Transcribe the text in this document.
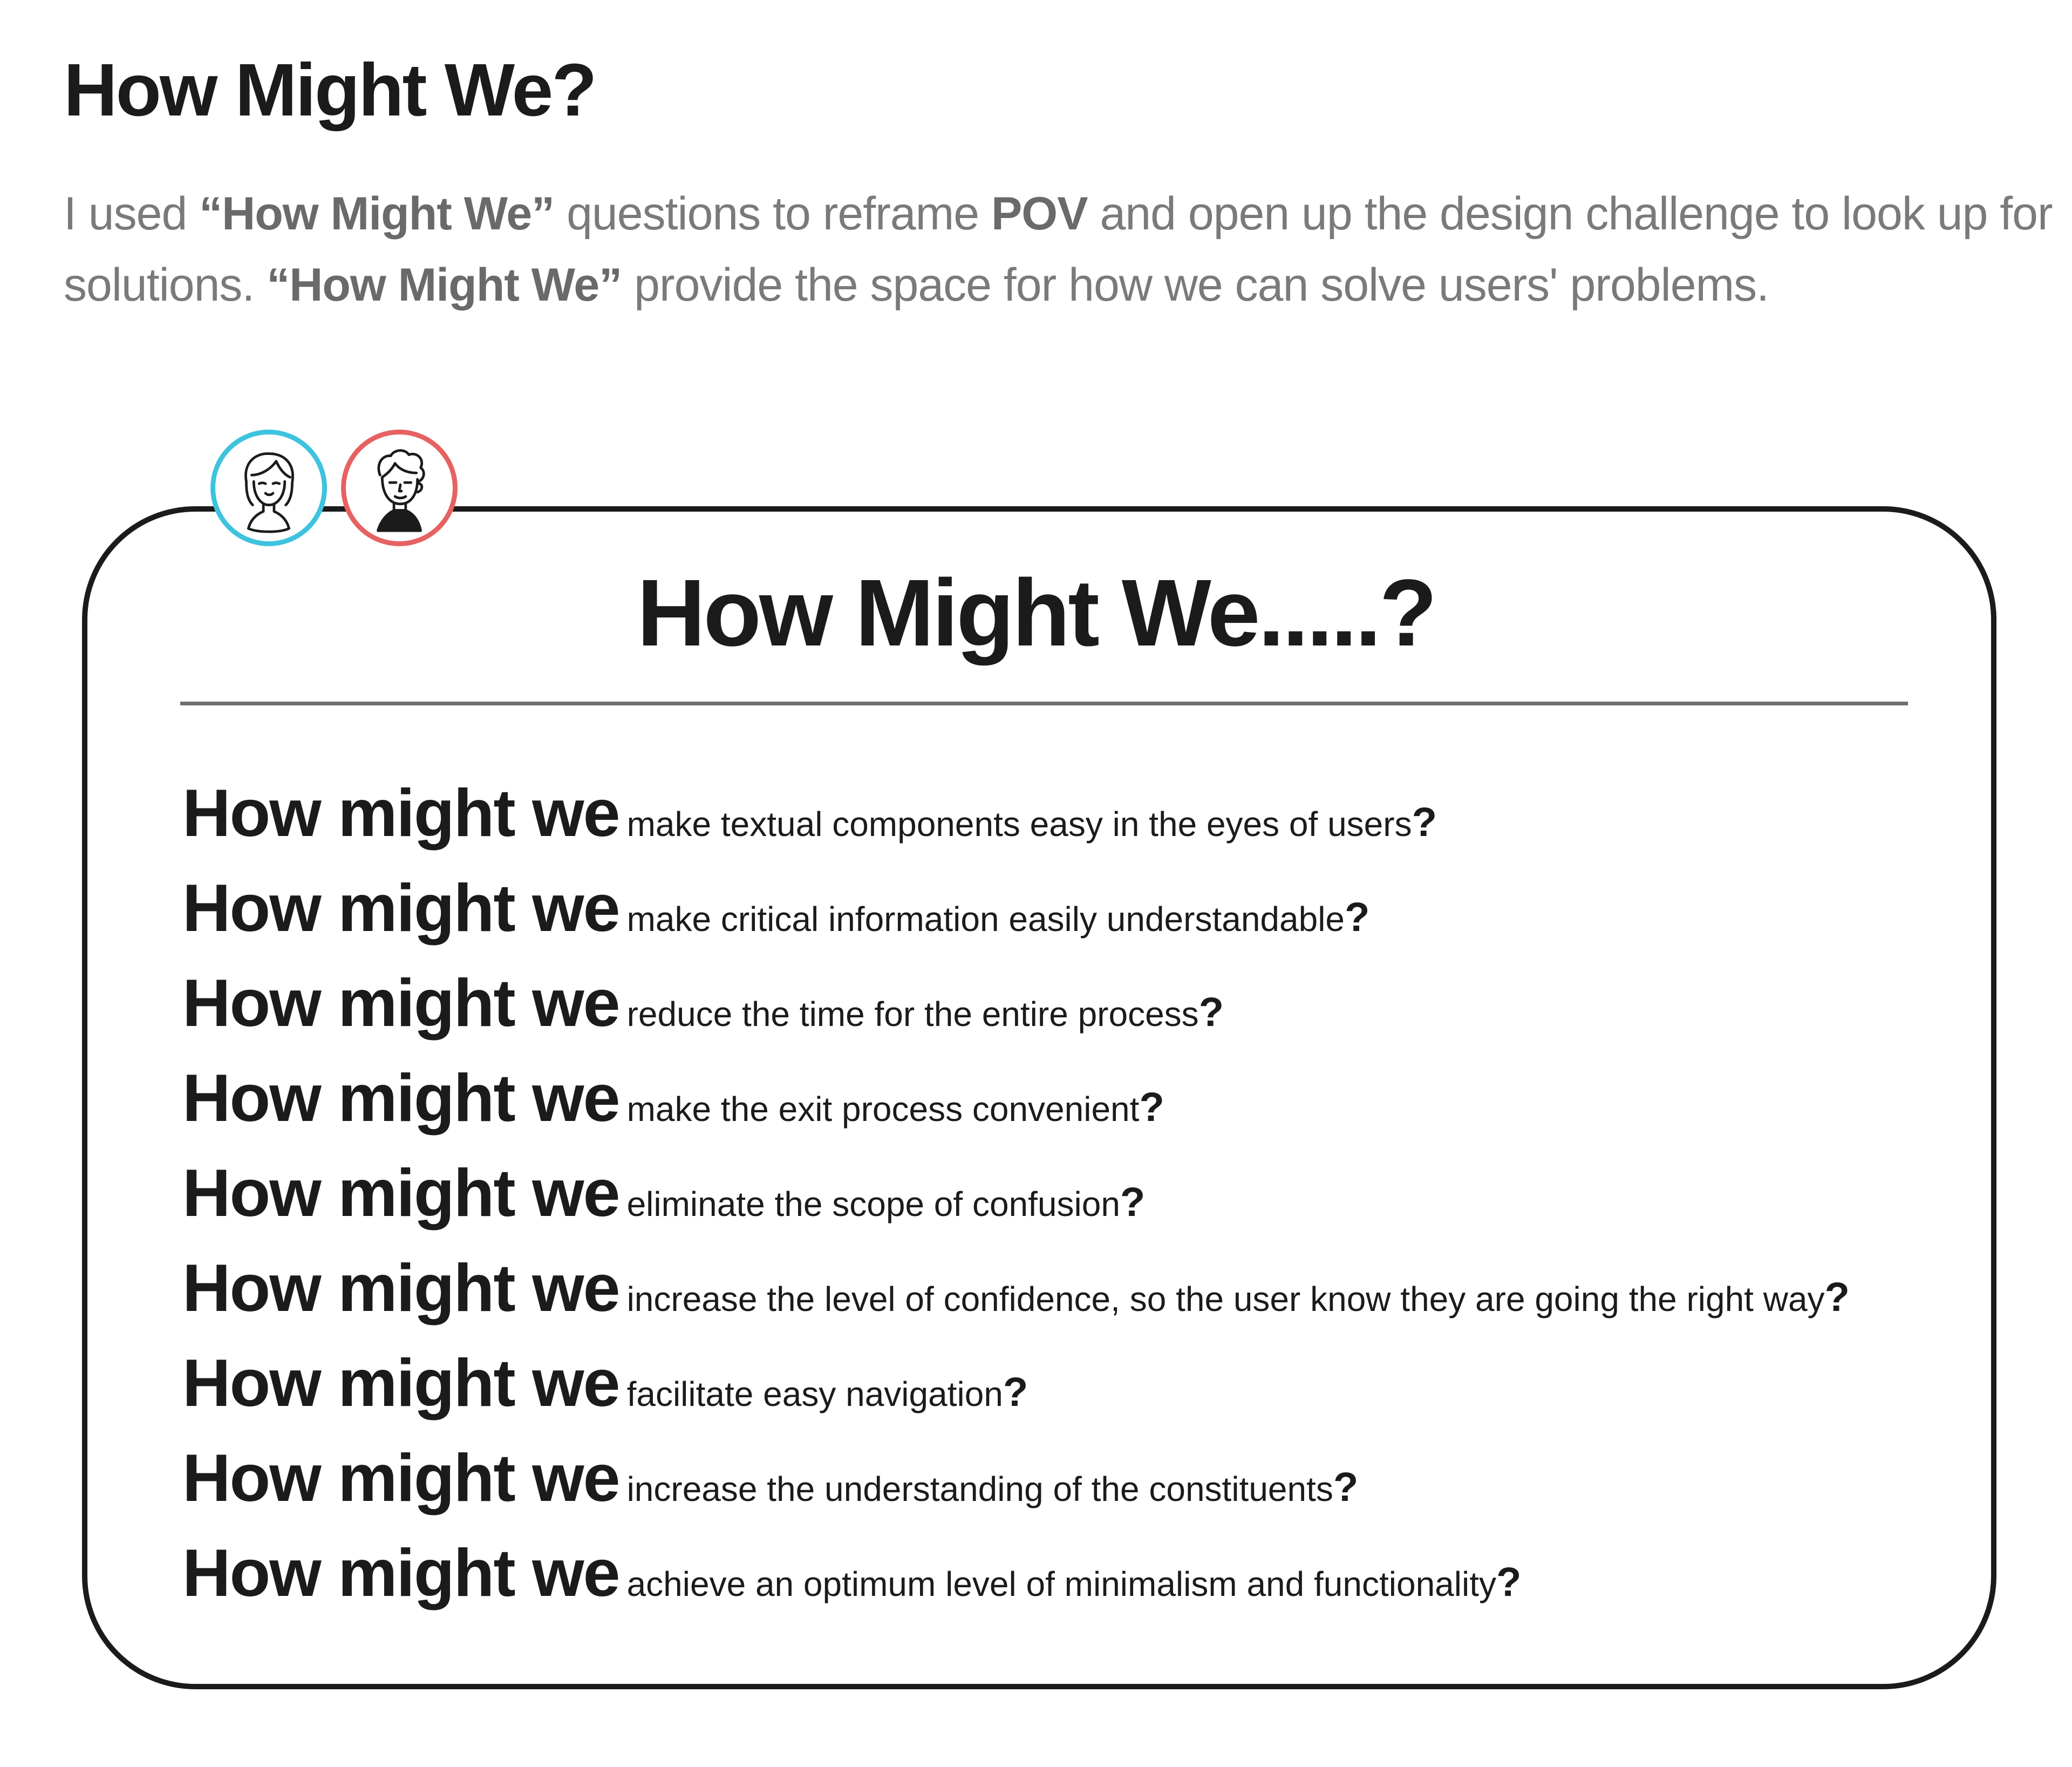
How Might We?

I used “How Might We” questions to reframe POV and open up the design challenge to look up for solutions. “How Might We” provide the space for how we can solve users' problems.

How Might We.....?
How might we make textual components easy in the eyes of users?
How might we make critical information easily understandable?
How might we reduce the time for the entire process?
How might we make the exit process convenient?
How might we eliminate the scope of confusion?
How might we increase the level of confidence, so the user know they are going the right way?
How might we facilitate easy navigation?
How might we increase the understanding of the constituents?
How might we achieve an optimum level of minimalism and functionality?
